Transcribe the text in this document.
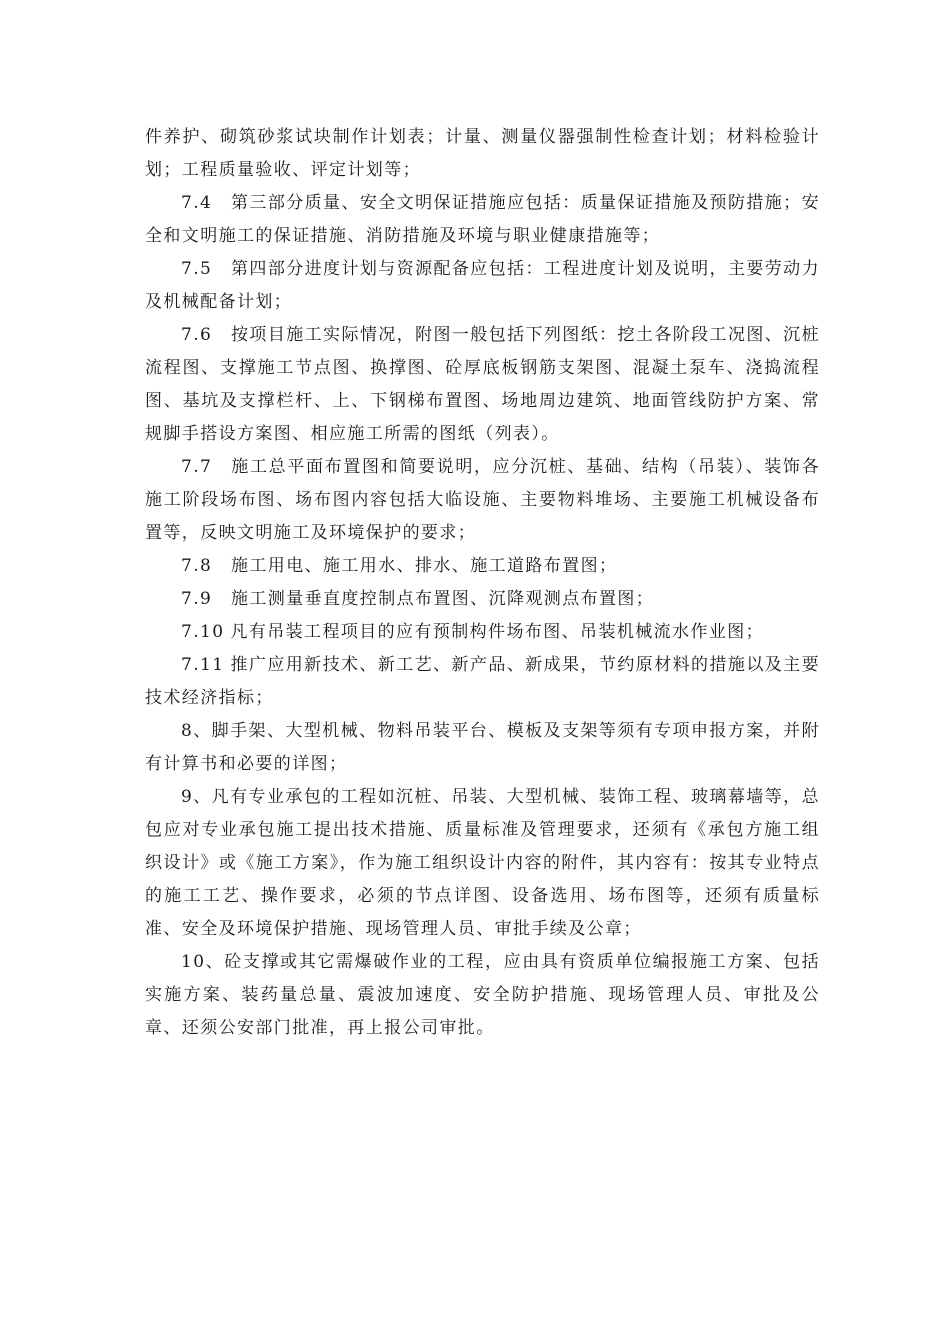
件养护、砌筑砂浆试块制作计划表；计量、测量仪器强制性检查计划；材料检验计划；工程质量验收、评定计划等；

7.4 第三部分质量、安全文明保证措施应包括：质量保证措施及预防措施；安全和文明施工的保证措施、消防措施及环境与职业健康措施等；

7.5 第四部分进度计划与资源配备应包括：工程进度计划及说明，主要劳动力及机械配备计划；

7.6 按项目施工实际情况，附图一般包括下列图纸：挖土各阶段工况图、沉桩流程图、支撑施工节点图、换撑图、砼厚底板钢筋支架图、混凝土泵车、浇捣流程图、基坑及支撑栏杆、上、下钢梯布置图、场地周边建筑、地面管线防护方案、常规脚手搭设方案图、相应施工所需的图纸（列表）。

7.7 施工总平面布置图和简要说明，应分沉桩、基础、结构（吊装）、装饰各施工阶段场布图、场布图内容包括大临设施、主要物料堆场、主要施工机械设备布置等，反映文明施工及环境保护的要求；

7.8 施工用电、施工用水、排水、施工道路布置图；

7.9 施工测量垂直度控制点布置图、沉降观测点布置图；

7.10 凡有吊装工程项目的应有预制构件场布图、吊装机械流水作业图；

7.11 推广应用新技术、新工艺、新产品、新成果，节约原材料的措施以及主要技术经济指标；

8、脚手架、大型机械、物料吊装平台、模板及支架等须有专项申报方案，并附有计算书和必要的详图；

9、凡有专业承包的工程如沉桩、吊装、大型机械、装饰工程、玻璃幕墙等，总包应对专业承包施工提出技术措施、质量标准及管理要求，还须有《承包方施工组织设计》或《施工方案》，作为施工组织设计内容的附件，其内容有：按其专业特点的施工工艺、操作要求，必须的节点详图、设备选用、场布图等，还须有质量标准、安全及环境保护措施、现场管理人员、审批手续及公章；

10、砼支撑或其它需爆破作业的工程，应由具有资质单位编报施工方案、包括实施方案、装药量总量、震波加速度、安全防护措施、现场管理人员、审批及公章、还须公安部门批准，再上报公司审批。
